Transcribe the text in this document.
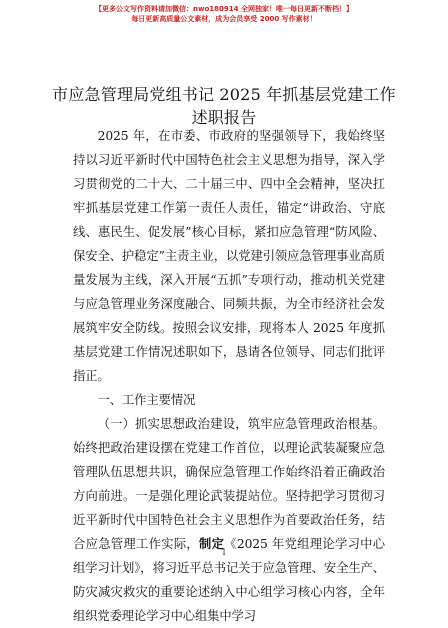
【更多公文写作资料请加微信：nwo180914 全网独家！唯一每日更新不断档！】
每日更新高质量公文素材，成为会员享受 2000 写作素材！
市应急管理局党组书记 2025 年抓基层党建工作
述职报告

2025 年，在市委、市政府的坚强领导下，我始终坚持以习近平新时代中国特色社会主义思想为指导，深入学习贯彻党的二十大、二十届三中、四中全会精神，坚决扛牢抓基层党建工作第一责任人责任，锚定“讲政治、守底线、惠民生、促发展”核心目标，紧扣应急管理“防风险、保安全、护稳定”主责主业，以党建引领应急管理事业高质量发展为主线，深入开展“五抓”专项行动，推动机关党建与应急管理业务深度融合、同频共振，为全市经济社会发展筑牢安全防线。按照会议安排，现将本人 2025 年度抓基层党建工作情况述职如下，恳请各位领导、同志们批评指正。

一、工作主要情况

（一）抓实思想政治建设，筑牢应急管理政治根基。始终把政治建设摆在党建工作首位，以理论武装凝聚应急管理队伍思想共识，确保应急管理工作始终沿着正确政治方向前进。一是强化理论武装提站位。坚持把学习贯彻习近平新时代中国特色社会主义思想作为首要政治任务，结合应急管理工作实际，制定《2025 年党组理论学习中心组学习计划》，将习近平总书记关于应急管理、安全生产、防灾减灾救灾的重要论述纳入中心组学习核心内容，全年组织党委理论学习中心组集中学习

1
